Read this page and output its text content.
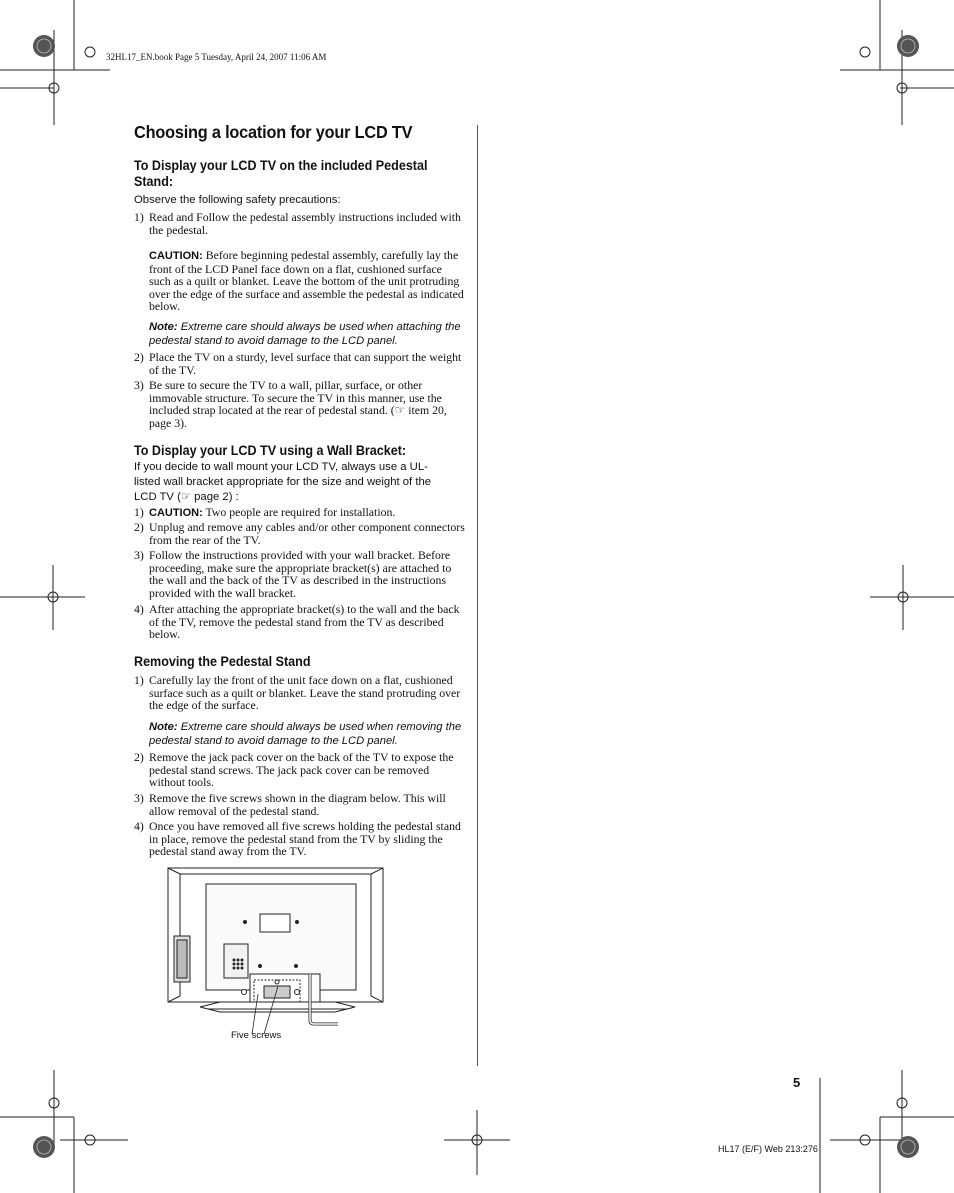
32HL17_EN.book Page 5 Tuesday, April 24, 2007 11:06 AM
Choosing a location for your LCD TV
To Display your LCD TV on the included Pedestal
Stand:
Observe the following safety precautions:
1) Read and Follow the pedestal assembly instructions included with the pedestal.
CAUTION: Before beginning pedestal assembly, carefully lay the front of the LCD Panel face down on a flat, cushioned surface such as a quilt or blanket. Leave the bottom of the unit protruding over the edge of the surface and assemble the pedestal as indicated below.
Note: Extreme care should always be used when attaching the pedestal stand to avoid damage to the LCD panel.
2) Place the TV on a sturdy, level surface that can support the weight of the TV.
3) Be sure to secure the TV to a wall, pillar, surface, or other immovable structure. To secure the TV in this manner, use the included strap located at the rear of pedestal stand. (☞ item 20, page 3).
To Display your LCD TV using a Wall Bracket:
If you decide to wall mount your LCD TV, always use a UL-listed wall bracket appropriate for the size and weight of the LCD TV (☞ page 2) :
1) CAUTION: Two people are required for installation.
2) Unplug and remove any cables and/or other component connectors from the rear of the TV.
3) Follow the instructions provided with your wall bracket. Before proceeding, make sure the appropriate bracket(s) are attached to the wall and the back of the TV as described in the instructions provided with the wall bracket.
4) After attaching the appropriate bracket(s) to the wall and the back of the TV, remove the pedestal stand from the TV as described below.
Removing the Pedestal Stand
1) Carefully lay the front of the unit face down on a flat, cushioned surface such as a quilt or blanket. Leave the stand protruding over the edge of the surface.
Note: Extreme care should always be used when removing the pedestal stand to avoid damage to the LCD panel.
2) Remove the jack pack cover on the back of the TV to expose the pedestal stand screws. The jack pack cover can be removed without tools.
3) Remove the five screws shown in the diagram below. This will allow removal of the pedestal stand.
4) Once you have removed all five screws holding the pedestal stand in place, remove the pedestal stand from the TV by sliding the pedestal stand away from the TV.
Five screws
5
HL17 (E/F) Web 213:276
